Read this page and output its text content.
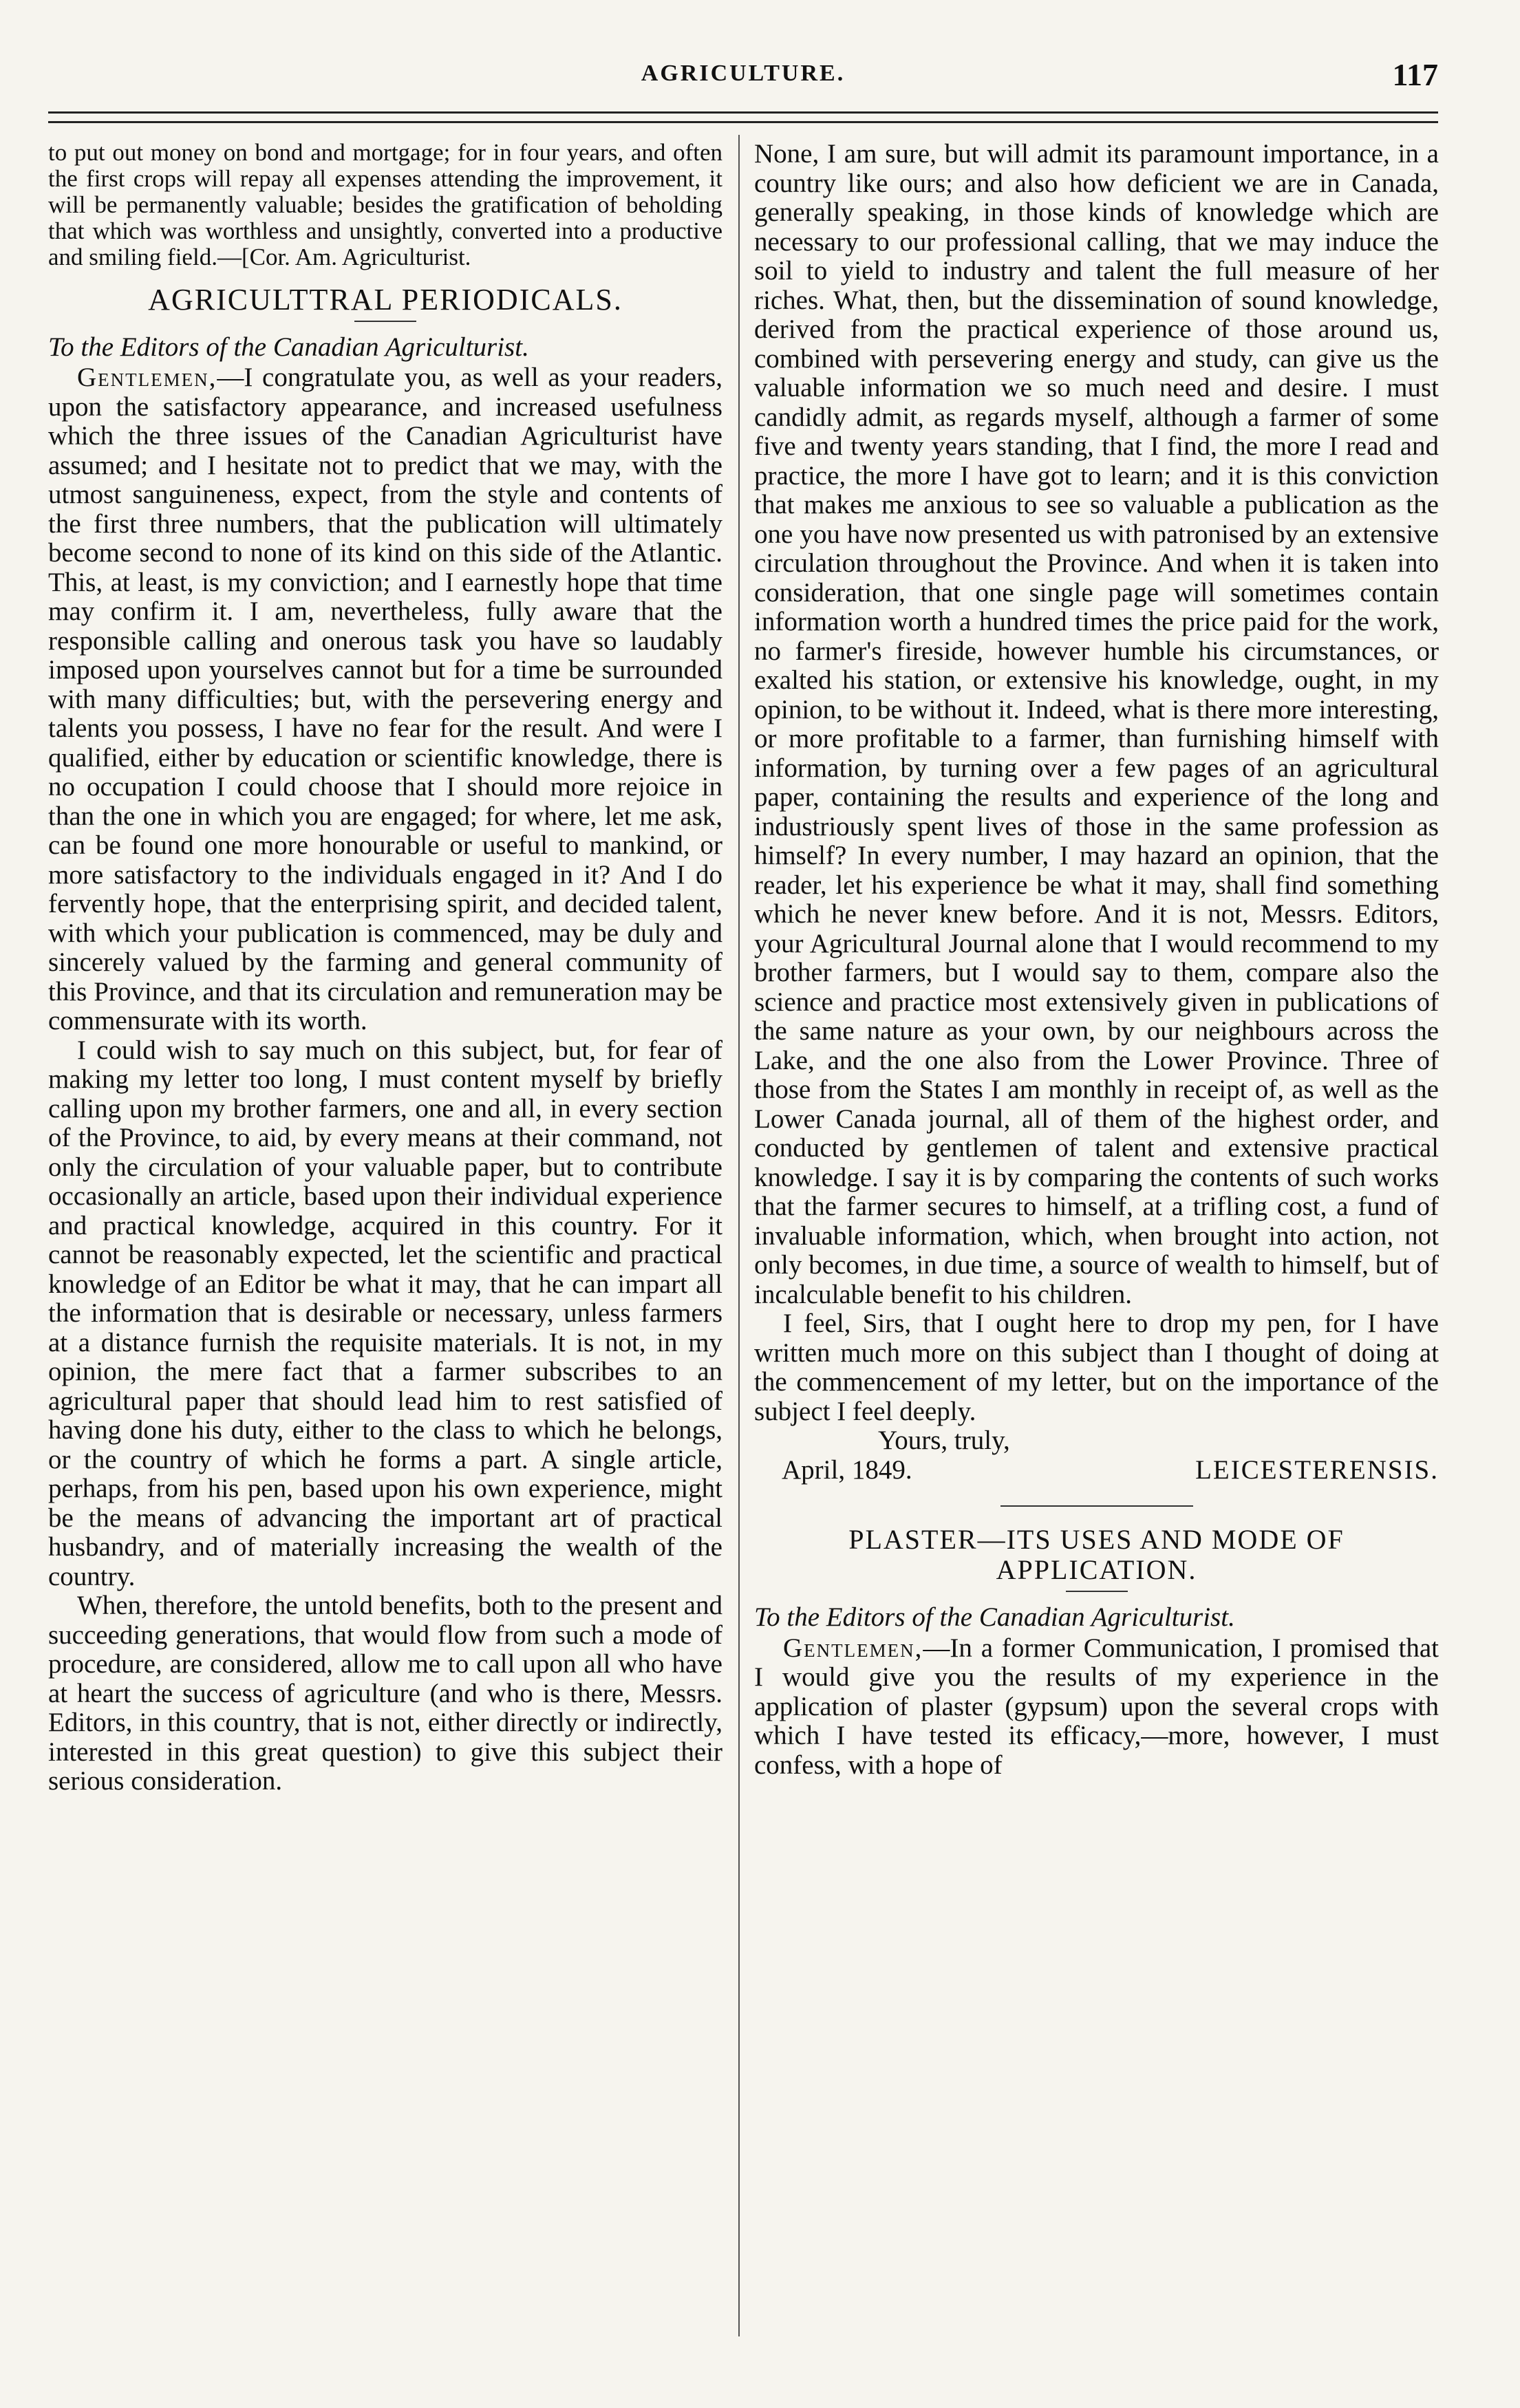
AGRICULTURE.	117

to put out money on bond and mortgage; for in four years, and often the first crops will repay all expenses attending the improvement, it will be permanently valuable; besides the gratification of beholding that which was worthless and unsightly, converted into a productive and smiling field.—[Cor. Am. Agriculturist.

AGRICULTTRAL PERIODICALS.

To the Editors of the Canadian Agriculturist.

Gentlemen,—I congratulate you, as well as your readers, upon the satisfactory appearance, and increased usefulness which the three issues of the Canadian Agriculturist have assumed; and I hesitate not to predict that we may, with the utmost sanguineness, expect, from the style and contents of the first three numbers, that the publication will ultimately become second to none of its kind on this side of the Atlantic. This, at least, is my conviction; and I earnestly hope that time may confirm it. I am, nevertheless, fully aware that the responsible calling and onerous task you have so laudably imposed upon yourselves cannot but for a time be surrounded with many difficulties; but, with the persevering energy and talents you possess, I have no fear for the result. And were I qualified, either by education or scientific knowledge, there is no occupation I could choose that I should more rejoice in than the one in which you are engaged; for where, let me ask, can be found one more honourable or useful to mankind, or more satisfactory to the individuals engaged in it? And I do fervently hope, that the enterprising spirit, and decided talent, with which your publication is commenced, may be duly and sincerely valued by the farming and general community of this Province, and that its circulation and remuneration may be commensurate with its worth.

I could wish to say much on this subject, but, for fear of making my letter too long, I must content myself by briefly calling upon my brother farmers, one and all, in every section of the Province, to aid, by every means at their command, not only the circulation of your valuable paper, but to contribute occasionally an article, based upon their individual experience and practical knowledge, acquired in this country. For it cannot be reasonably expected, let the scientific and practical knowledge of an Editor be what it may, that he can impart all the information that is desirable or necessary, unless farmers at a distance furnish the requisite materials. It is not, in my opinion, the mere fact that a farmer subscribes to an agricultural paper that should lead him to rest satisfied of having done his duty, either to the class to which he belongs, or the country of which he forms a part. A single article, perhaps, from his pen, based upon his own experience, might be the means of advancing the important art of practical husbandry, and of materially increasing the wealth of the country.

When, therefore, the untold benefits, both to the present and succeeding generations, that would flow from such a mode of procedure, are considered, allow me to call upon all who have at heart the success of agriculture (and who is there, Messrs. Editors, in this country, that is not, either directly or indirectly, interested in this great question) to give this subject their serious consideration.

None, I am sure, but will admit its paramount importance, in a country like ours; and also how deficient we are in Canada, generally speaking, in those kinds of knowledge which are necessary to our professional calling, that we may induce the soil to yield to industry and talent the full measure of her riches. What, then, but the dissemination of sound knowledge, derived from the practical experience of those around us, combined with persevering energy and study, can give us the valuable information we so much need and desire. I must candidly admit, as regards myself, although a farmer of some five and twenty years standing, that I find, the more I read and practice, the more I have got to learn; and it is this conviction that makes me anxious to see so valuable a publication as the one you have now presented us with patronised by an extensive circulation throughout the Province. And when it is taken into consideration, that one single page will sometimes contain information worth a hundred times the price paid for the work, no farmer's fireside, however humble his circumstances, or exalted his station, or extensive his knowledge, ought, in my opinion, to be without it. Indeed, what is there more interesting, or more profitable to a farmer, than furnishing himself with information, by turning over a few pages of an agricultural paper, containing the results and experience of the long and industriously spent lives of those in the same profession as himself? In every number, I may hazard an opinion, that the reader, let his experience be what it may, shall find something which he never knew before. And it is not, Messrs. Editors, your Agricultural Journal alone that I would recommend to my brother farmers, but I would say to them, compare also the science and practice most extensively given in publications of the same nature as your own, by our neighbours across the Lake, and the one also from the Lower Province. Three of those from the States I am monthly in receipt of, as well as the Lower Canada journal, all of them of the highest order, and conducted by gentlemen of talent and extensive practical knowledge. I say it is by comparing the contents of such works that the farmer secures to himself, at a trifling cost, a fund of invaluable information, which, when brought into action, not only becomes, in due time, a source of wealth to himself, but of incalculable benefit to his children.

I feel, Sirs, that I ought here to drop my pen, for I have written much more on this subject than I thought of doing at the commencement of my letter, but on the importance of the subject I feel deeply.

Yours, truly,

April, 1849.	LEICESTERENSIS.

PLASTER—ITS USES AND MODE OF APPLICATION.

To the Editors of the Canadian Agriculturist.

Gentlemen,—In a former Communication, I promised that I would give you the results of my experience in the application of plaster (gypsum) upon the several crops with which I have tested its efficacy,—more, however, I must confess, with a hope of
